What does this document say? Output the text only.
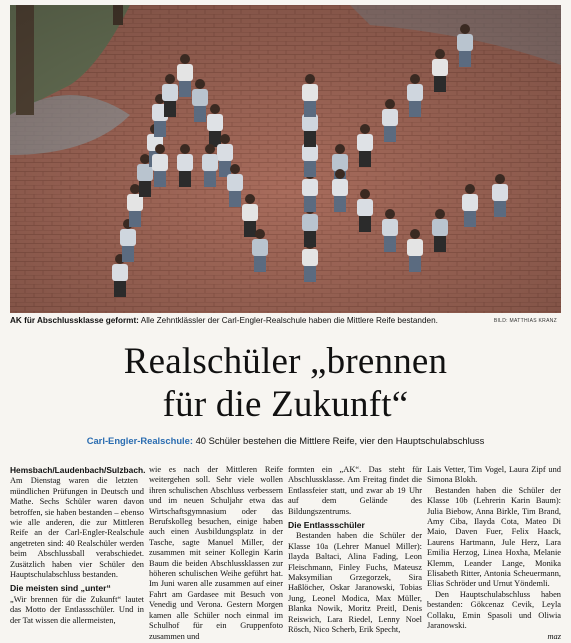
AK für Abschlussklasse geformt: Alle Zehntklässler der Carl-Engler-Realschule haben die Mittlere Reife bestanden.	BILD: MATTHIAS KRANZ
Realschüler „brennen
für die Zukunft“
Carl-Engler-Realschule: 40 Schüler bestehen die Mittlere Reife, vier den Hauptschulabschluss

Hemsbach/Laudenbach/Sulzbach. Am Dienstag waren die letzten mündlichen Prüfungen in Deutsch und Mathe. Sechs Schüler waren davon betroffen, sie haben bestanden – ebenso wie alle anderen, die zur Mittleren Reife an der Carl-Engler-Realschule angetreten sind: 40 Realschüler werden beim Abschlussball verabschiedet. Zusätzlich haben vier Schüler den Hauptschulabschluss bestanden.

Die meisten sind „unter“

„Wir brennen für die Zukunft“ lautet das Motto der Entlassschüler. Und in der Tat wissen die allermeisten,

wie es nach der Mittleren Reife weitergehen soll. Sehr viele wollen ihren schulischen Abschluss verbessern und im neuen Schuljahr etwa das Wirtschaftsgymnasium oder das Berufskolleg besuchen, einige haben auch einen Ausbildungsplatz in der Tasche, sagte Manuel Miller, der zusammen mit seiner Kollegin Karin Baum die beiden Abschlussklassen zur höheren schulischen Weihe geführt hat. Im Juni waren alle zusammen auf einer Fahrt am Gardasee mit Besuch von Venedig und Verona. Gestern Morgen kamen alle Schüler noch einmal im Schulhof für ein Gruppenfoto zusammen und

formten ein „AK“. Das steht für Abschlussklasse. Am Freitag findet die Entlassfeier statt, und zwar ab 19 Uhr auf dem Gelände des Bildungszentrums.

Die Entlassschüler

Bestanden haben die Schüler der Klasse 10a (Lehrer Manuel Miller): Ilayda Baltaci, Alina Fading, Leon Fleischmann, Finley Fuchs, Mateusz Maksymilian Grzegorzek, Sira Haßlöcher, Oskar Jaranowski, Tobias Jung, Leonel Modica, Max Müller, Blanka Nowik, Moritz Preitl, Denis Reiswich, Lara Riedel, Lenny Noel Rösch, Nico Scherb, Erik Specht,

Lais Vetter, Tim Vogel, Laura Zipf und Simona Blokh.

Bestanden haben die Schüler der Klasse 10b (Lehrerin Karin Baum): Julia Biebow, Anna Birkle, Tim Brand, Amy Ciba, Ilayda Cota, Mateo Di Maio, Daven Fuer, Felix Haack, Laurens Hartmann, Jule Herz, Lara Emilia Herzog, Linea Hoxha, Melanie Klemm, Leander Lange, Monika Elisabeth Ritter, Antonia Scheuermann, Elias Schröder und Urnut Yöndemli.

Den Hauptschulabschluss haben bestanden: Gökcenaz Cevik, Leyla Collaku, Emin Spasoli und Oliwia Jaranowski.

maz
